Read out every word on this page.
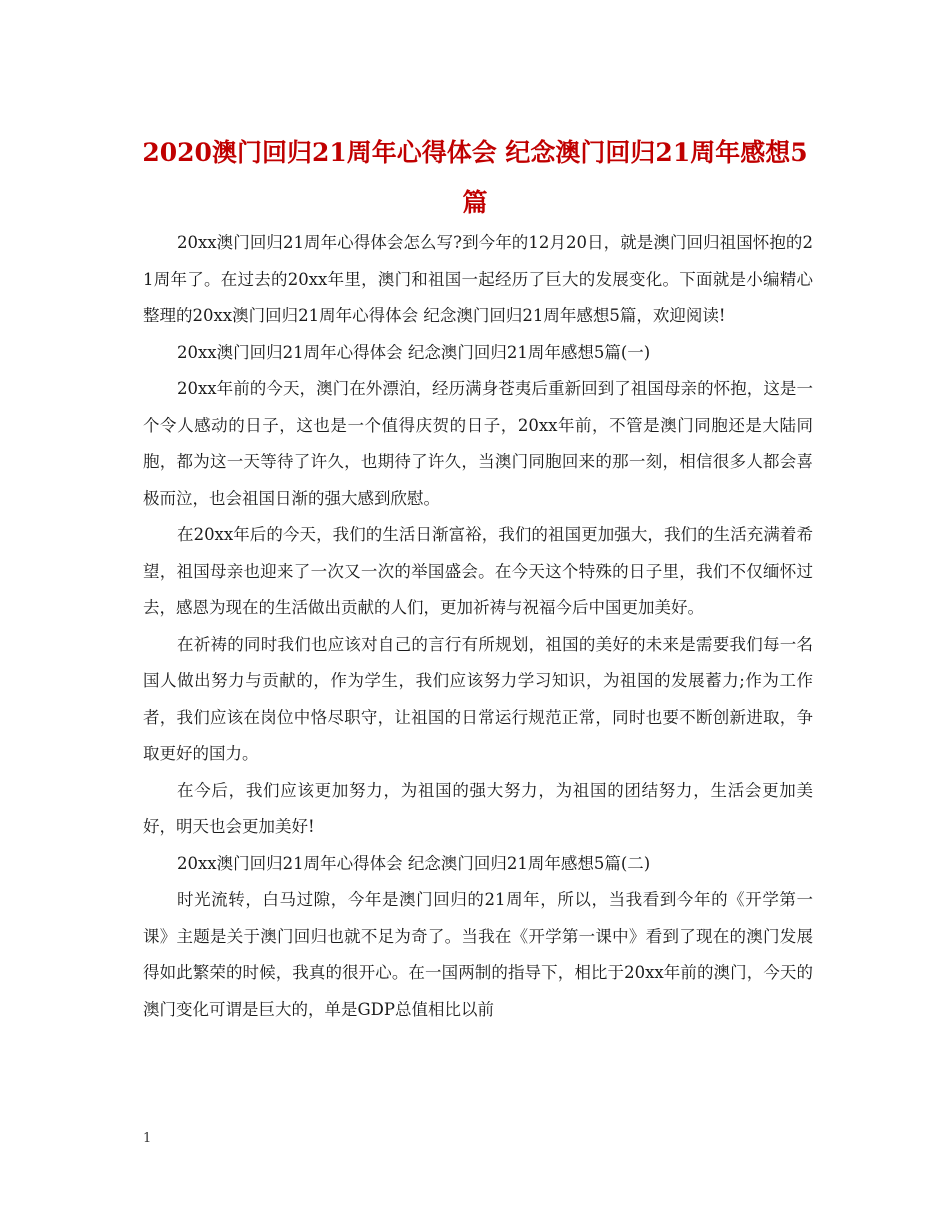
2020澳门回归21周年心得体会 纪念澳门回归21周年感想5篇

20xx澳门回归21周年心得体会怎么写?到今年的12月20日，就是澳门回归祖国怀抱的21周年了。在过去的20xx年里，澳门和祖国一起经历了巨大的发展变化。下面就是小编精心整理的20xx澳门回归21周年心得体会 纪念澳门回归21周年感想5篇，欢迎阅读!

20xx澳门回归21周年心得体会 纪念澳门回归21周年感想5篇(一)

20xx年前的今天，澳门在外漂泊，经历满身苍夷后重新回到了祖国母亲的怀抱，这是一个令人感动的日子，这也是一个值得庆贺的日子，20xx年前，不管是澳门同胞还是大陆同胞，都为这一天等待了许久，也期待了许久，当澳门同胞回来的那一刻，相信很多人都会喜极而泣，也会祖国日渐的强大感到欣慰。

在20xx年后的今天，我们的生活日渐富裕，我们的祖国更加强大，我们的生活充满着希望，祖国母亲也迎来了一次又一次的举国盛会。在今天这个特殊的日子里，我们不仅缅怀过去，感恩为现在的生活做出贡献的人们，更加祈祷与祝福今后中国更加美好。

在祈祷的同时我们也应该对自己的言行有所规划，祖国的美好的未来是需要我们每一名国人做出努力与贡献的，作为学生，我们应该努力学习知识，为祖国的发展蓄力;作为工作者，我们应该在岗位中恪尽职守，让祖国的日常运行规范正常，同时也要不断创新进取，争取更好的国力。

在今后，我们应该更加努力，为祖国的强大努力，为祖国的团结努力，生活会更加美好，明天也会更加美好!

20xx澳门回归21周年心得体会 纪念澳门回归21周年感想5篇(二)

时光流转，白马过隙，今年是澳门回归的21周年，所以，当我看到今年的《开学第一课》主题是关于澳门回归也就不足为奇了。当我在《开学第一课中》看到了现在的澳门发展得如此繁荣的时候，我真的很开心。在一国两制的指导下，相比于20xx年前的澳门，今天的澳门变化可谓是巨大的，单是GDP总值相比以前

1
